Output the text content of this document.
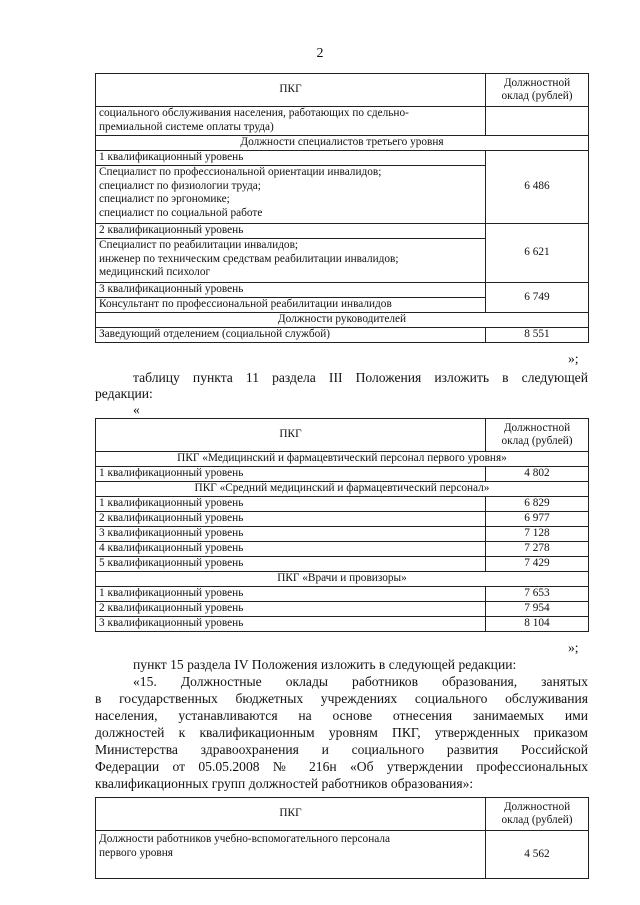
2
ПКГ	Должностной оклад (рублей)

социального обслуживания населения, работающих по сдельно-
премиальной системе оплаты труда)	

Должности специалистов третьего уровня	
1 квалификационный уровень	6 486

Специалист по профессиональной ориентации инвалидов;
специалист по физиологии труда;
специалист по эргономике;
специалист по социальной работе	

2 квалификационный уровень	6 621

Специалист по реабилитации инвалидов;
инженер по техническим средствам реабилитации инвалидов;
медицинский психолог	

3 квалификационный уровень	6 749
Консультант по профессиональной реабилитации инвалидов	
Должности руководителей	
Заведующий отделением (социальной службой)	8 551
»;
таблицу пункта 11 раздела III Положения изложить в следующей
редакции:
«
ПКГ	Должностной оклад (рублей)
ПКГ «Медицинский и фармацевтический персонал первого уровня»	
1 квалификационный уровень	4 802
ПКГ «Средний медицинский и фармацевтический персонал»	
1 квалификационный уровень	6 829
2 квалификационный уровень	6 977
3 квалификационный уровень	7 128
4 квалификационный уровень	7 278
5 квалификационный уровень	7 429
ПКГ «Врачи и провизоры»	
1 квалификационный уровень	7 653
2 квалификационный уровень	7 954
3 квалификационный уровень	8 104
»;
пункт 15 раздела IV Положения изложить в следующей редакции:
«15. Должностные оклады работников образования, занятых
в государственных бюджетных учреждениях социального обслуживания
населения, устанавливаются на основе отнесения занимаемых ими
должностей к квалификационным уровням ПКГ, утвержденных приказом
Министерства здравоохранения и социального развития Российской
Федерации от 05.05.2008 № 216н «Об утверждении профессиональных
квалификационных групп должностей работников образования»:
ПКГ	Должностной оклад (рублей)

Должности работников учебно-вспомогательного персонала
первого уровня	4 562
